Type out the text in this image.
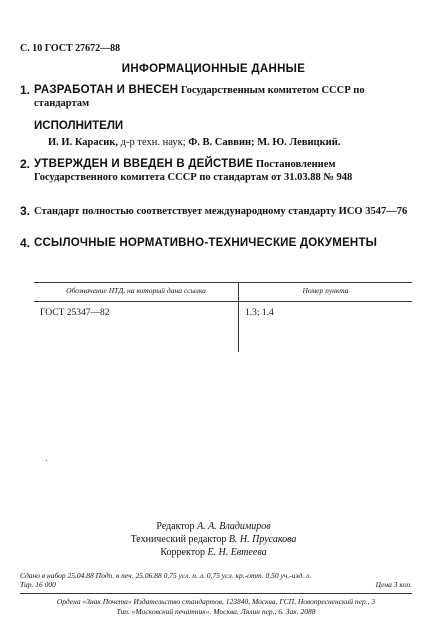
С. 10 ГОСТ 27672—88
ИНФОРМАЦИОННЫЕ ДАННЫЕ
1. РАЗРАБОТАН И ВНЕСЕН Государственным комитетом СССР по стандартам
ИСПОЛНИТЕЛИ
И. И. Карасик, д-р техн. наук; Ф. В. Саввин; М. Ю. Левицкий.
2. УТВЕРЖДЕН И ВВЕДЕН В ДЕЙСТВИЕ Постановлением Государственного комитета СССР по стандартам от 31.03.88 № 948
3. Стандарт полностью соответствует международному стандарту ИСО 3547—76
4. ССЫЛОЧНЫЕ НОРМАТИВНО-ТЕХНИЧЕСКИЕ ДОКУМЕНТЫ
Обозначение НТД, на который дана ссылка	Номер пункта
ГОСТ 25347—82	1.3; 1.4
Редактор А. А. Владимиров
Технический редактор В. Н. Прусакова
Корректор Е. Н. Евтеева
Сдано в набор 25.04.88 Подп. в печ. 25.06.88 0,75 усл. п. л. 0,75 усл. кр.-отт. 0,50 уч.-изд. л.
Тир. 16 000	Цена 3 коп.
Ордена «Знак Почета» Издательство стандартов, 123840, Москва, ГСП, Новопресненский пер., 3
Тип. «Московский печатник». Москва, Лялин пер., 6. Зак. 2088
